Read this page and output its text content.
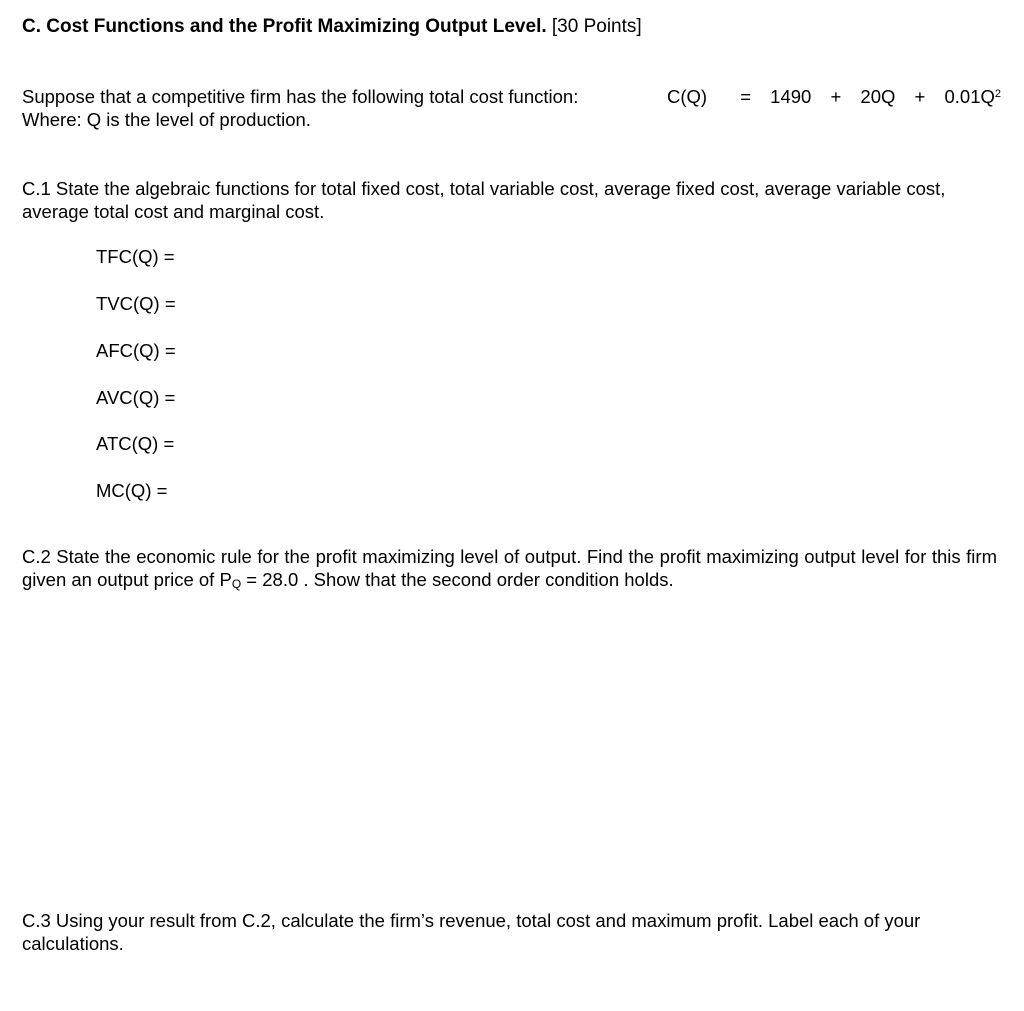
C. Cost Functions and the Profit Maximizing Output Level. [30 Points]
Suppose that a competitive firm has the following total cost function:	$C(Q) = 1490 + 20Q + 0.01Q^2$
Where: Q is the level of production.
C.1 State the algebraic functions for total fixed cost, total variable cost, average fixed cost, average variable cost, average total cost and marginal cost.
TFC(Q) =
TVC(Q) =
AFC(Q) =
AVC(Q) =
ATC(Q) =
MC(Q) =
C.2 State the economic rule for the profit maximizing level of output. Find the profit maximizing output level for this firm given an output price of PQ = 28.0 . Show that the second order condition holds.
C.3 Using your result from C.2, calculate the firm’s revenue, total cost and maximum profit. Label each of your calculations.
